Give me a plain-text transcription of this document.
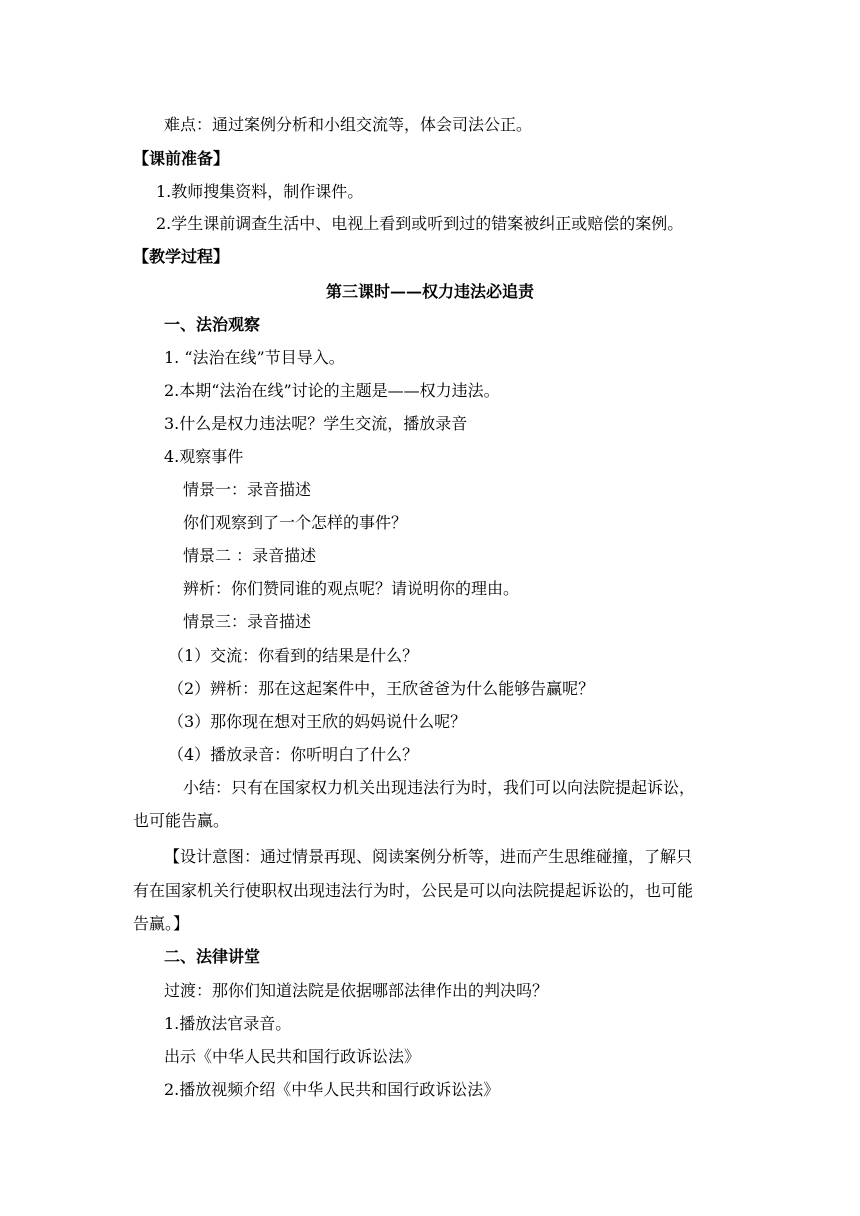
难点：通过案例分析和小组交流等，体会司法公正。
【课前准备】
1.教师搜集资料，制作课件。
2.学生课前调查生活中、电视上看到或听到过的错案被纠正或赔偿的案例。
【教学过程】
第三课时——权力违法必追责
一、法治观察
1. “法治在线”节目导入。
2.本期“法治在线”讨论的主题是——权力违法。
3.什么是权力违法呢？学生交流，播放录音
4.观察事件
情景一：录音描述
你们观察到了一个怎样的事件？
情景二 ：录音描述
辨析：你们赞同谁的观点呢？请说明你的理由。
情景三：录音描述
（1）交流：你看到的结果是什么？
（2）辨析：那在这起案件中，王欣爸爸为什么能够告赢呢？
（3）那你现在想对王欣的妈妈说什么呢？
（4）播放录音：你听明白了什么？
小结：只有在国家权力机关出现违法行为时，我们可以向法院提起诉讼，
也可能告赢。
【设计意图：通过情景再现、阅读案例分析等，进而产生思维碰撞，了解只
有在国家机关行使职权出现违法行为时，公民是可以向法院提起诉讼的，也可能
告赢。】
二、法律讲堂
过渡：那你们知道法院是依据哪部法律作出的判决吗？
1.播放法官录音。
出示《中华人民共和国行政诉讼法》
2.播放视频介绍《中华人民共和国行政诉讼法》
